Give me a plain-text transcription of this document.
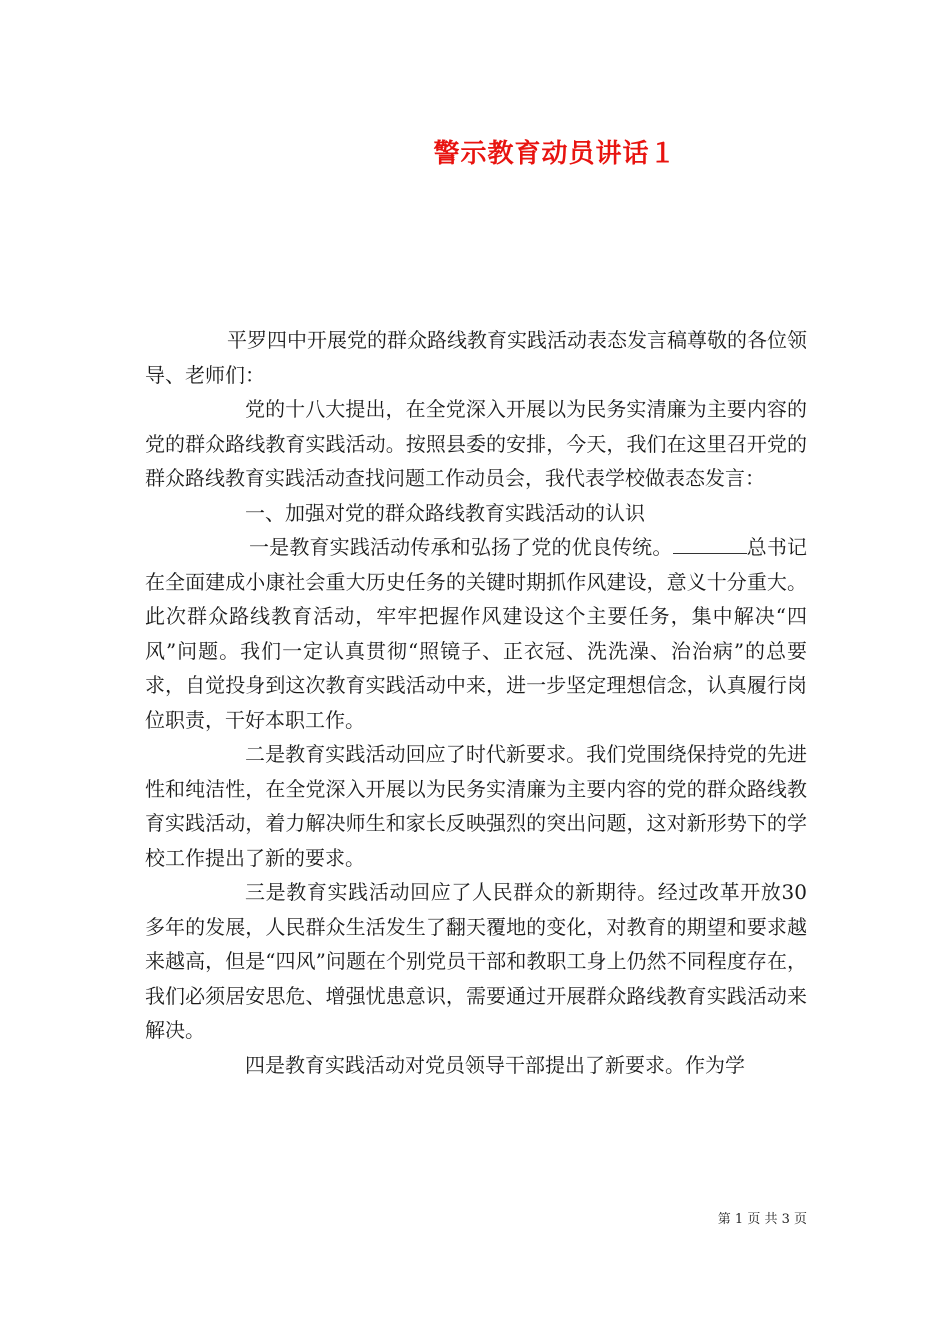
警示教育动员讲话１

平罗四中开展党的群众路线教育实践活动表态发言稿尊敬的各位领导、老师们：

党的十八大提出，在全党深入开展以为民务实清廉为主要内容的党的群众路线教育实践活动。按照县委的安排，今天，我们在这里召开党的群众路线教育实践活动查找问题工作动员会，我代表学校做表态发言：

一、加强对党的群众路线教育实践活动的认识

一是教育实践活动传承和弘扬了党的优良传统。	总书记在全面建成小康社会重大历史任务的关键时期抓作风建设，意义十分重大。此次群众路线教育活动，牢牢把握作风建设这个主要任务，集中解决“四风”问题。我们一定认真贯彻“照镜子、正衣冠、洗洗澡、治治病”的总要求，自觉投身到这次教育实践活动中来，进一步坚定理想信念，认真履行岗位职责，干好本职工作。

二是教育实践活动回应了时代新要求。我们党围绕保持党的先进性和纯洁性，在全党深入开展以为民务实清廉为主要内容的党的群众路线教育实践活动，着力解决师生和家长反映强烈的突出问题，这对新形势下的学校工作提出了新的要求。

三是教育实践活动回应了人民群众的新期待。经过改革开放30多年的发展，人民群众生活发生了翻天覆地的变化，对教育的期望和要求越来越高，但是“四风”问题在个别党员干部和教职工身上仍然不同程度存在，我们必须居安思危、增强忧患意识，需要通过开展群众路线教育实践活动来解决。

四是教育实践活动对党员领导干部提出了新要求。作为学

第 1 页 共 3 页
